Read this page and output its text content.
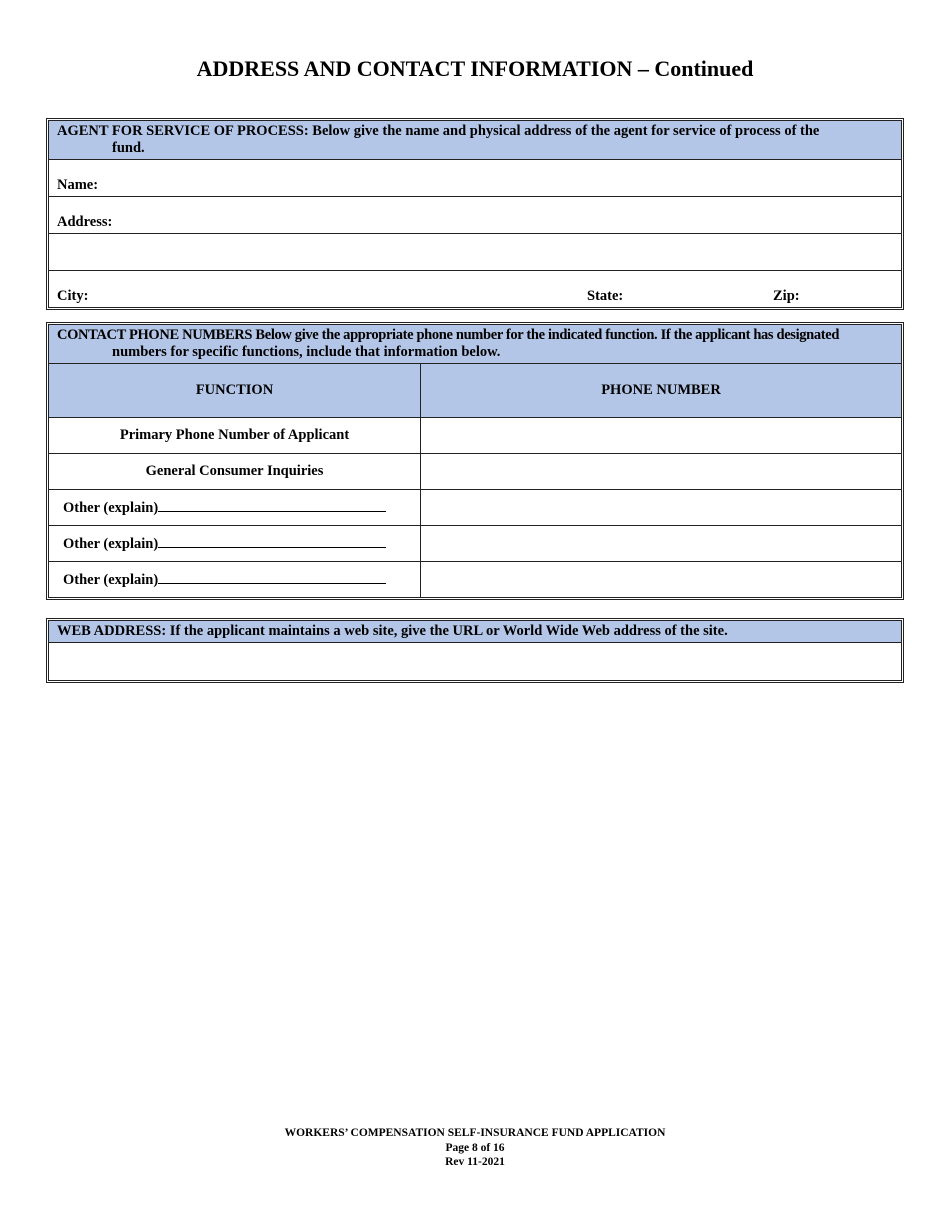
ADDRESS AND CONTACT INFORMATION – Continued
AGENT FOR SERVICE OF PROCESS: Below give the name and physical address of the agent for service of process of the
fund.
Name:
Address:
City:	State:	Zip:
CONTACT PHONE NUMBERS Below give the appropriate phone number for the indicated function. If the applicant has designated
numbers for specific functions, include that information below.
FUNCTION	PHONE NUMBER
Primary Phone Number of Applicant	
General Consumer Inquiries	
Other (explain)	
Other (explain)	
Other (explain)	
WEB ADDRESS: If the applicant maintains a web site, give the URL or World Wide Web address of the site.
WORKERS’ COMPENSATION SELF-INSURANCE FUND APPLICATION
Page 8 of 16
Rev 11-2021
